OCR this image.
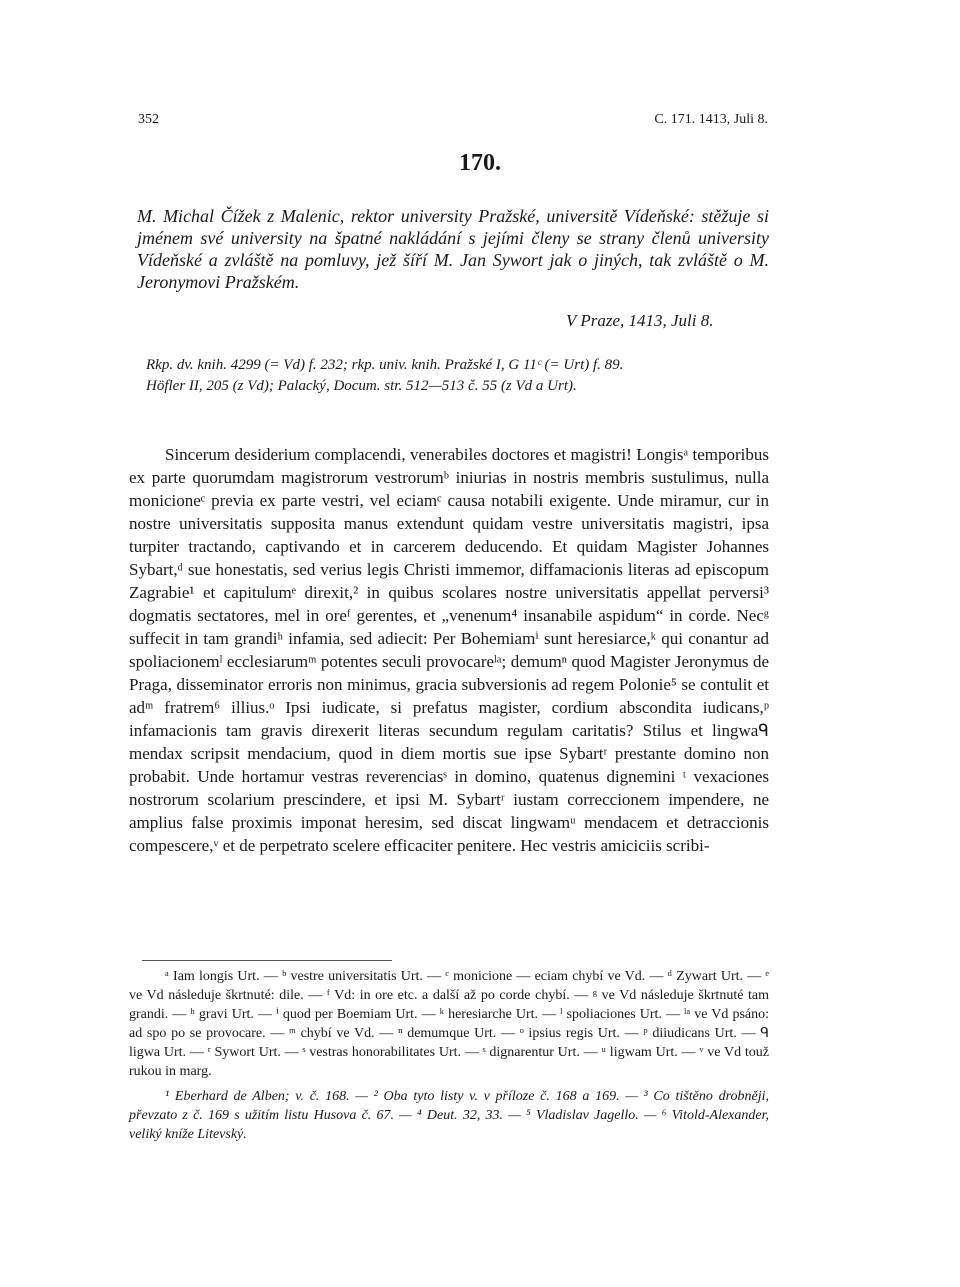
352	C. 171. 1413, Juli 8.
170.
M. Michal Čížek z Malenic, rektor university Pražské, universitě Vídeňské: stěžuje si jménem své university na špatné nakládání s jejími členy se strany členů university Vídeňské a zvláště na pomluvy, jež šíří M. Jan Sywort jak o jiných, tak zvláště o M. Jeronymovi Pražském.
V Praze, 1413, Juli 8.

Rkp. dv. knih. 4299 (= Vd) f. 232; rkp. univ. knih. Pražské I, G 11ᶜ (= Urt) f. 89.

Höfler II, 205 (z Vd); Palacký, Docum. str. 512—513 č. 55 (z Vd a Urt).

Sincerum desiderium complacendi, venerabiles doctores et magistri! Longisᵃ temporibus ex parte quorumdam magistrorum vestrorumᵇ iniurias in nostris membris sustulimus, nulla monicioneᶜ previa ex parte vestri, vel eciamᶜ causa notabili exigente. Unde miramur, cur in nostre universitatis supposita manus extendunt quidam vestre universitatis magistri, ipsa turpiter tractando, captivando et in carcerem deducendo. Et quidam Magister Johannes Sybart,ᵈ sue honestatis, sed verius legis Christi immemor, diffamacionis literas ad episcopum Zagrabie¹ et capitulumᵉ direxit,² in quibus scolares nostre universitatis appellat perversi³ dogmatis sectatores, mel in oreᶠ gerentes, et „venenum⁴ insanabile aspidum“ in corde. Necᵍ suffecit in tam grandiʰ infamia, sed adiecit: Per Bohemiamⁱ sunt heresiarce,ᵏ qui conantur ad spoliacionemˡ ecclesiarumᵐ potentes seculi provocareˡᵃ; demumⁿ quod Magister Jeronymus de Praga, disseminator erroris non minimus, gracia subversionis ad regem Polonie⁵ se contulit et adᵐ fratrem⁶ illius.ᵒ Ipsi iudicate, si prefatus magister, cordium abscondita iudicans,ᵖ infamacionis tam gravis direxerit literas secundum regulam caritatis? Stilus et lingwaᑫ mendax scripsit mendacium, quod in diem mortis sue ipse Sybartʳ prestante domino non probabit. Unde hortamur vestras reverenciasˢ in domino, quatenus dignemini ᵗ vexaciones nostrorum scolarium prescindere, et ipsi M. Sybartʳ iustam correccionem impendere, ne amplius false proximis imponat heresim, sed discat lingwamᵘ mendacem et detraccionis compescere,ᵛ et de perpetrato scelere efficaciter penitere. Hec vestris amiciciis scribi-

ᵃ Iam longis Urt. — ᵇ vestre universitatis Urt. — ᶜ monicione — eciam chybí ve Vd. — ᵈ Zywart Urt. — ᵉ ve Vd následuje škrtnuté: dile. — ᶠ Vd: in ore etc. a další až po corde chybí. — ᵍ ve Vd následuje škrtnuté tam grandi. — ʰ gravi Urt. — ⁱ quod per Boemiam Urt. — ᵏ heresiarche Urt. — ˡ spoliaciones Urt. — ˡᵃ ve Vd psáno: ad spo po se provocare. — ᵐ chybí ve Vd. — ⁿ demumque Urt. — ᵒ ipsius regis Urt. — ᵖ diiudicans Urt. — ᑫ ligwa Urt. — ʳ Sywort Urt. — ˢ vestras honorabilitates Urt. — ˢ dignarentur Urt. — ᵘ ligwam Urt. — ᵛ ve Vd touž rukou in marg.

¹ Eberhard de Alben; v. č. 168. — ² Oba tyto listy v. v příloze č. 168 a 169. — ³ Co tištěno drobněji, převzato z č. 169 s užitím listu Husova č. 67. — ⁴ Deut. 32, 33. — ⁵ Vladislav Jagello. — ⁶ Vitold-Alexander, veliký kníže Litevský.
